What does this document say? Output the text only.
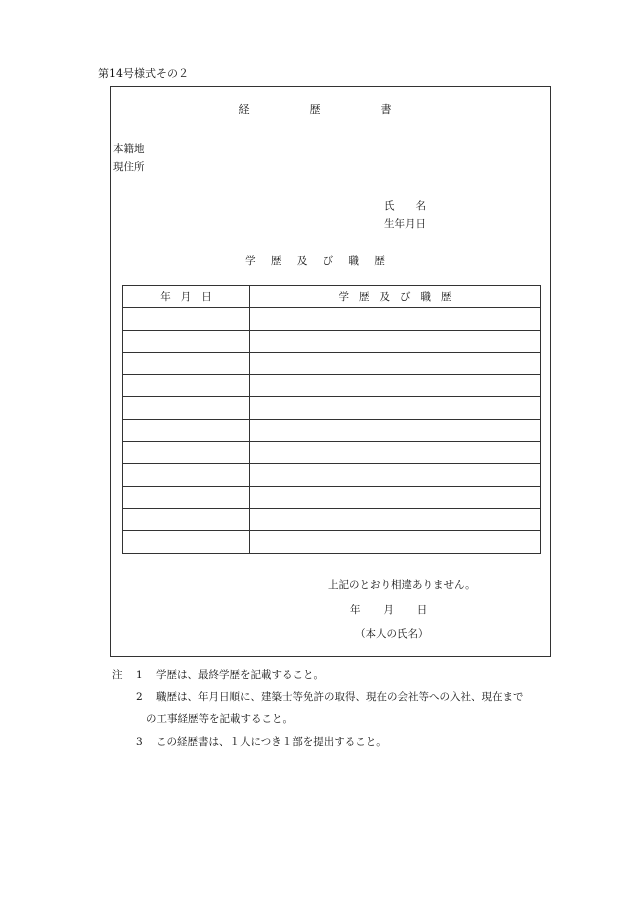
第14号様式その２
経	歴	書
本籍地
現住所
氏　　名
生年月日
学 歴 及 び 職 歴
年 月 日	学 歴 及 び 職 歴

上記のとおり相違ありません。
年 月 日
（本人の氏名）
注 1 学歴は、最終学歴を記載すること。
2 職歴は、年月日順に、建築士等免許の取得、現在の会社等への入社、現在まで
の工事経歴等を記載すること。
3 この経歴書は、１人につき１部を提出すること。
